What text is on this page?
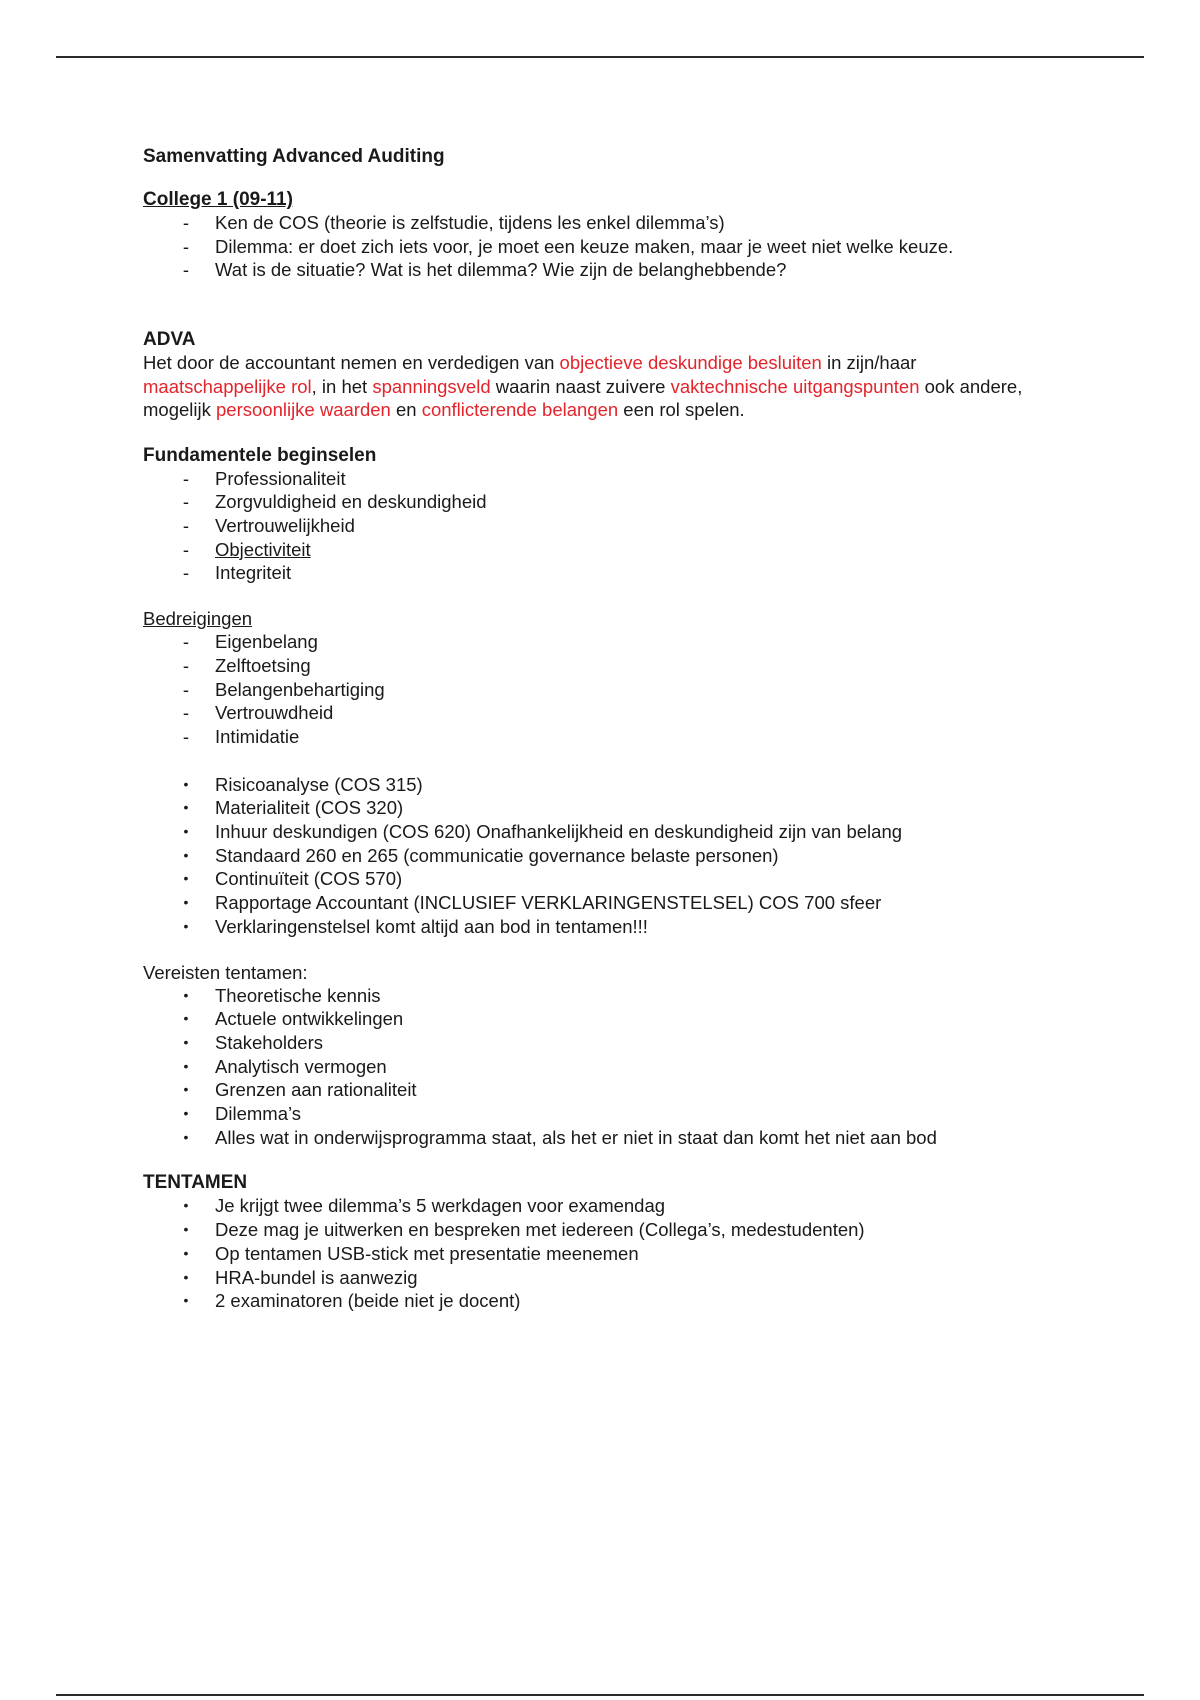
Samenvatting Advanced Auditing

College 1 (09-11)

- Ken de COS (theorie is zelfstudie, tijdens les enkel dilemma’s)
- Dilemma: er doet zich iets voor, je moet een keuze maken, maar je weet niet welke keuze.
- Wat is de situatie? Wat is het dilemma? Wie zijn de belanghebbende?

ADVA

Het door de accountant nemen en verdedigen van objectieve deskundige besluiten in zijn/haar
maatschappelijke rol, in het spanningsveld waarin naast zuivere vaktechnische uitgangspunten ook andere, mogelijk persoonlijke waarden en conflicterende belangen een rol spelen.

Fundamentele beginselen

- Professionaliteit
- Zorgvuldigheid en deskundigheid
- Vertrouwelijkheid
- Objectiviteit
- Integriteit

Bedreigingen

- Eigenbelang
- Zelftoetsing
- Belangenbehartiging
- Vertrouwdheid
- Intimidatie
• Risicoanalyse (COS 315)
• Materialiteit (COS 320)
• Inhuur deskundigen (COS 620) Onafhankelijkheid en deskundigheid zijn van belang
• Standaard 260 en 265 (communicatie governance belaste personen)
• Continuïteit (COS 570)
• Rapportage Accountant (INCLUSIEF VERKLARINGENSTELSEL) COS 700 sfeer
• Verklaringenstelsel komt altijd aan bod in tentamen!!!

Vereisten tentamen:

• Theoretische kennis
• Actuele ontwikkelingen
• Stakeholders
• Analytisch vermogen
• Grenzen aan rationaliteit
• Dilemma’s
• Alles wat in onderwijsprogramma staat, als het er niet in staat dan komt het niet aan bod

TENTAMEN

• Je krijgt twee dilemma’s 5 werkdagen voor examendag
• Deze mag je uitwerken en bespreken met iedereen (Collega’s, medestudenten)
• Op tentamen USB-stick met presentatie meenemen
• HRA-bundel is aanwezig
• 2 examinatoren (beide niet je docent)
